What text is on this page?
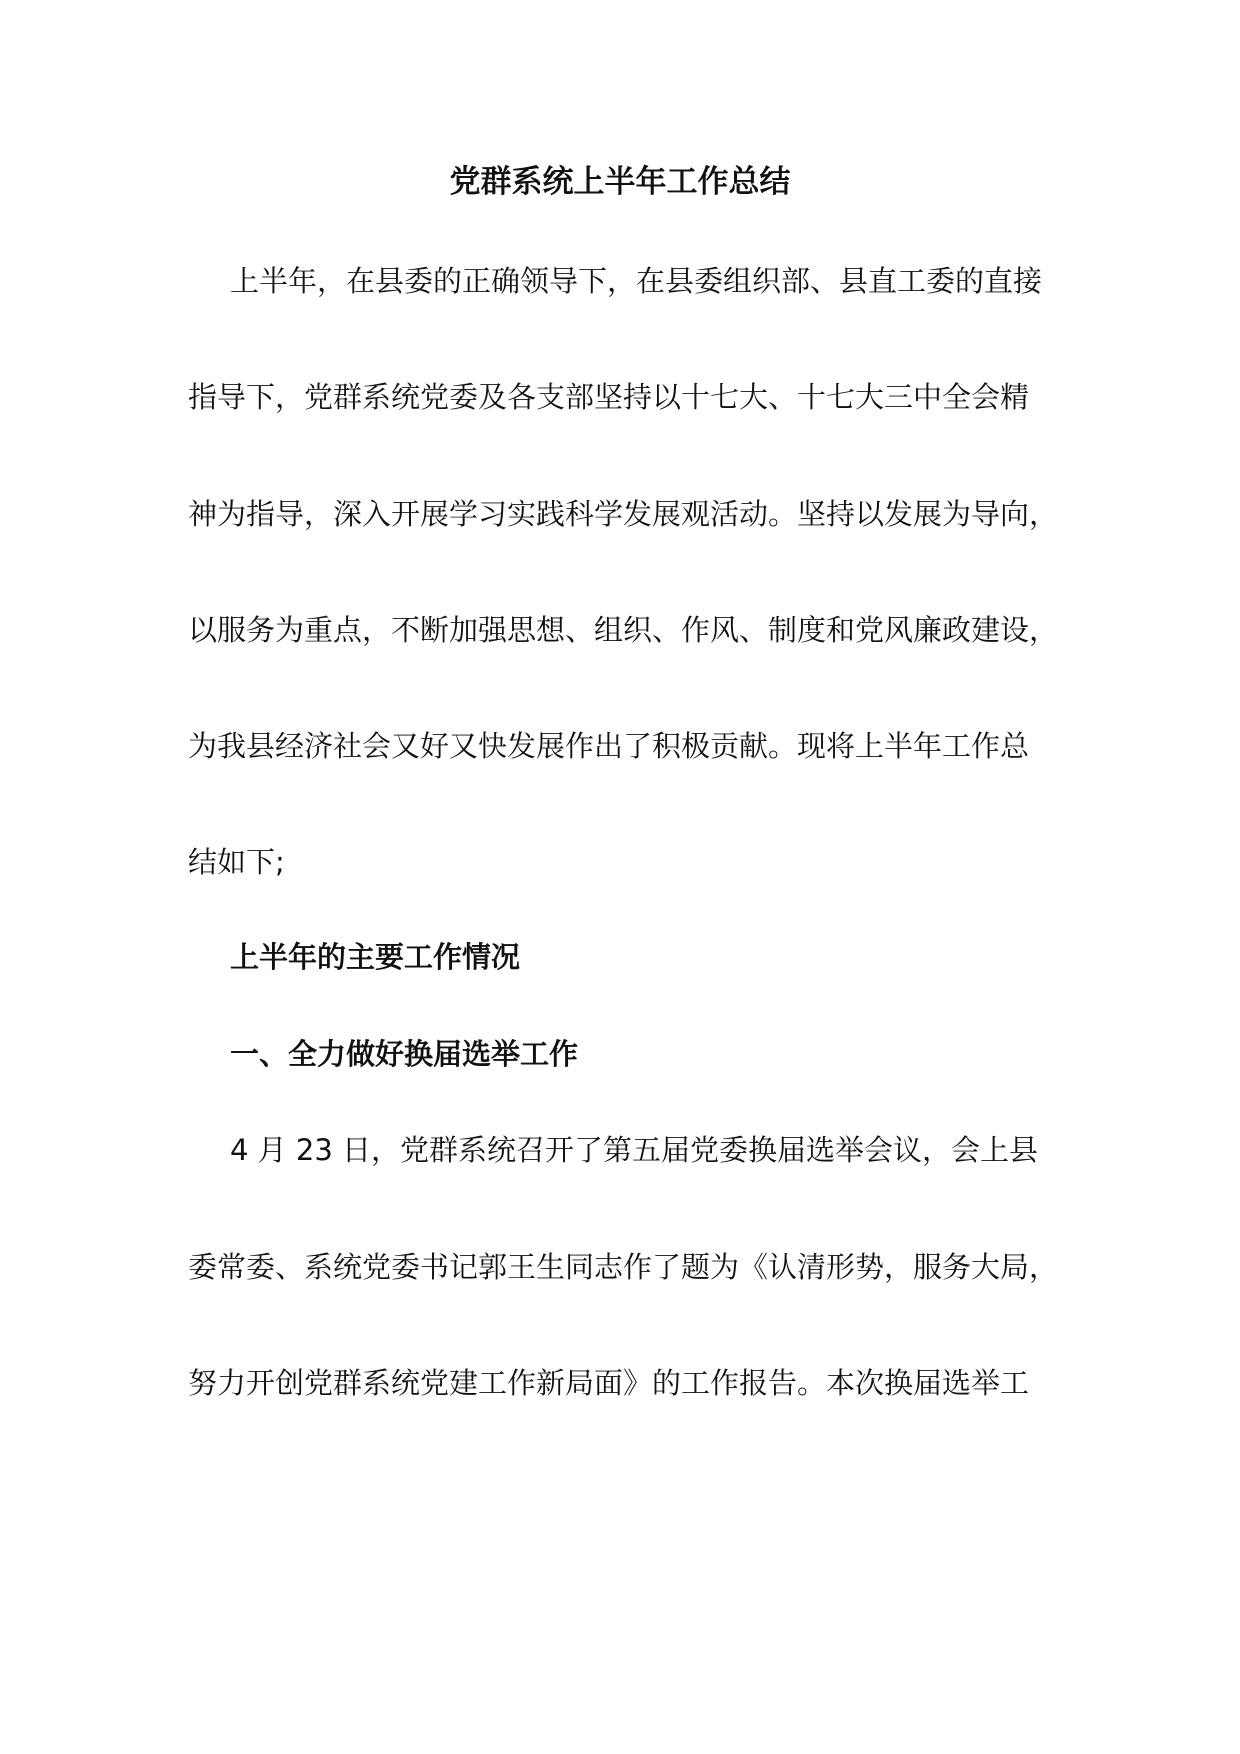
党群系统上半年工作总结

上半年，在县委的正确领导下，在县委组织部、县直工委的直接

指导下，党群系统党委及各支部坚持以十七大、十七大三中全会精

神为指导，深入开展学习实践科学发展观活动。坚持以发展为导向，

以服务为重点，不断加强思想、组织、作风、制度和党风廉政建设，

为我县经济社会又好又快发展作出了积极贡献。现将上半年工作总

结如下;

上半年的主要工作情况
一、全力做好换届选举工作

4 月 23 日，党群系统召开了第五届党委换届选举会议，会上县

委常委、系统党委书记郭王生同志作了题为《认清形势，服务大局，

努力开创党群系统党建工作新局面》的工作报告。本次换届选举工
